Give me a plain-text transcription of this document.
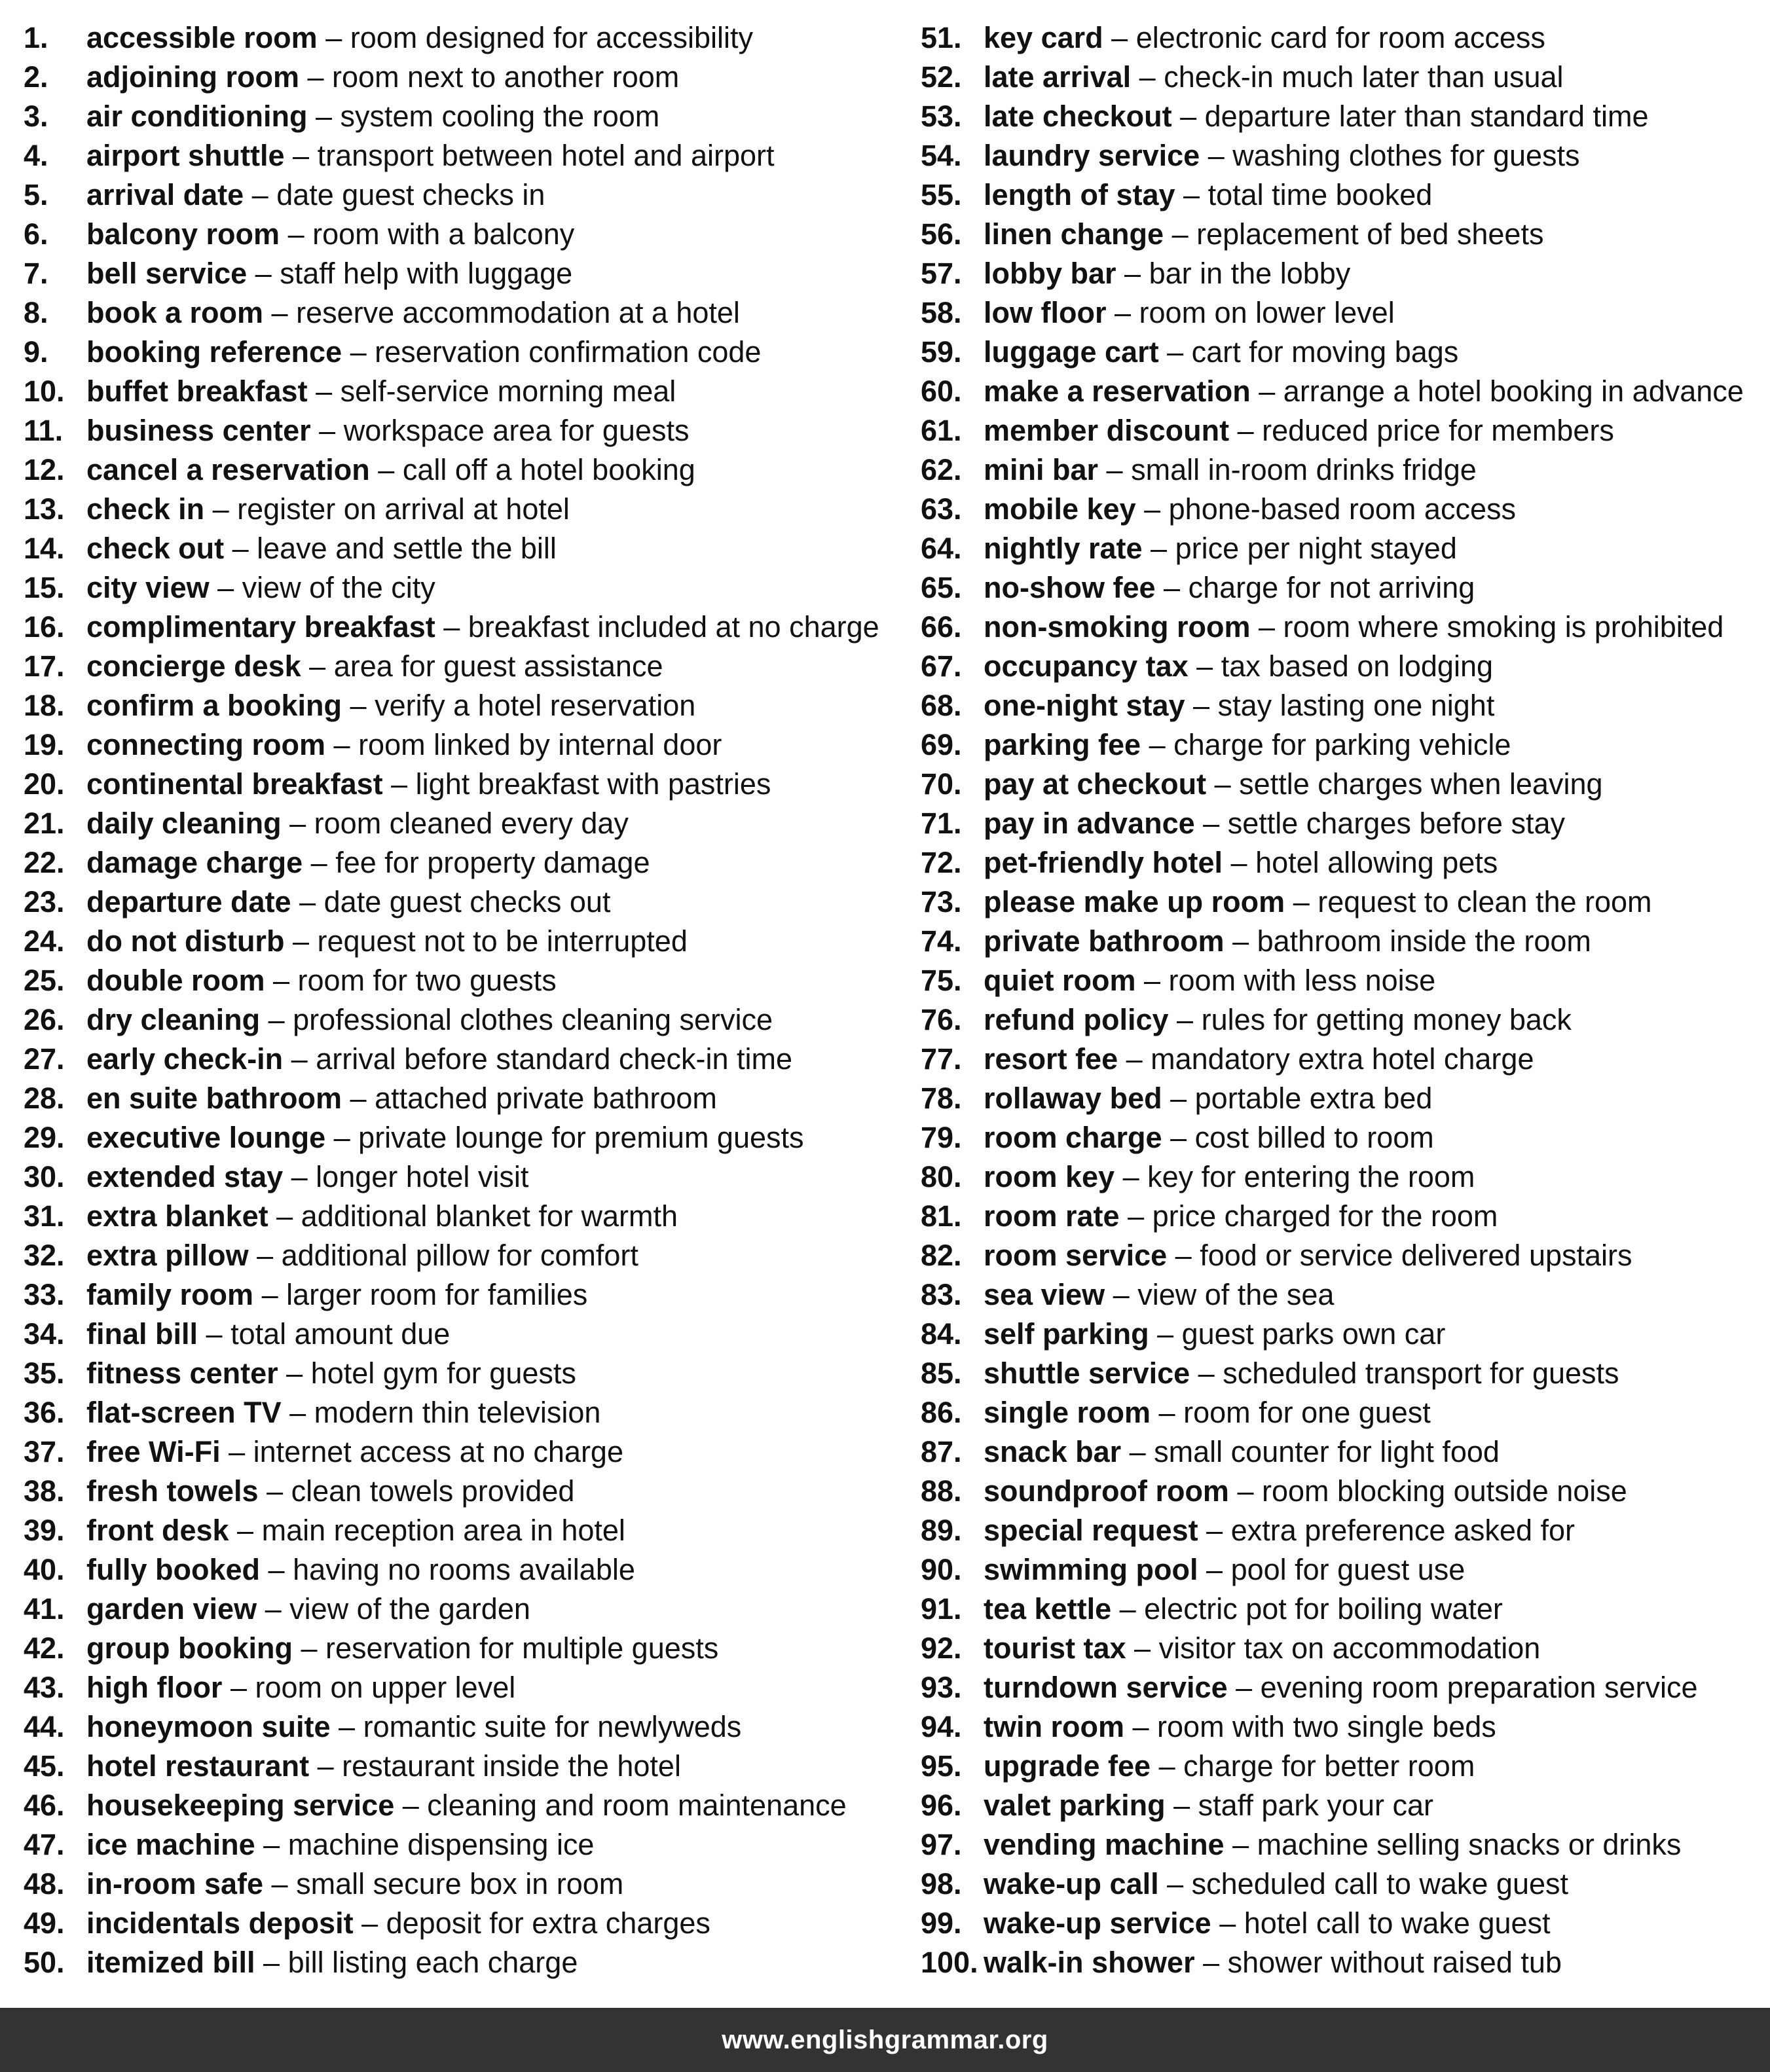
1. accessible room – room designed for accessibility
2. adjoining room – room next to another room
3. air conditioning – system cooling the room
4. airport shuttle – transport between hotel and airport
5. arrival date – date guest checks in
6. balcony room – room with a balcony
7. bell service – staff help with luggage
8. book a room – reserve accommodation at a hotel
9. booking reference – reservation confirmation code
10. buffet breakfast – self-service morning meal
11. business center – workspace area for guests
12. cancel a reservation – call off a hotel booking
13. check in – register on arrival at hotel
14. check out – leave and settle the bill
15. city view – view of the city
16. complimentary breakfast – breakfast included at no charge
17. concierge desk – area for guest assistance
18. confirm a booking – verify a hotel reservation
19. connecting room – room linked by internal door
20. continental breakfast – light breakfast with pastries
21. daily cleaning – room cleaned every day
22. damage charge – fee for property damage
23. departure date – date guest checks out
24. do not disturb – request not to be interrupted
25. double room – room for two guests
26. dry cleaning – professional clothes cleaning service
27. early check-in – arrival before standard check-in time
28. en suite bathroom – attached private bathroom
29. executive lounge – private lounge for premium guests
30. extended stay – longer hotel visit
31. extra blanket – additional blanket for warmth
32. extra pillow – additional pillow for comfort
33. family room – larger room for families
34. final bill – total amount due
35. fitness center – hotel gym for guests
36. flat-screen TV – modern thin television
37. free Wi-Fi – internet access at no charge
38. fresh towels – clean towels provided
39. front desk – main reception area in hotel
40. fully booked – having no rooms available
41. garden view – view of the garden
42. group booking – reservation for multiple guests
43. high floor – room on upper level
44. honeymoon suite – romantic suite for newlyweds
45. hotel restaurant – restaurant inside the hotel
46. housekeeping service – cleaning and room maintenance
47. ice machine – machine dispensing ice
48. in-room safe – small secure box in room
49. incidentals deposit – deposit for extra charges
50. itemized bill – bill listing each charge
51. key card – electronic card for room access
52. late arrival – check-in much later than usual
53. late checkout – departure later than standard time
54. laundry service – washing clothes for guests
55. length of stay – total time booked
56. linen change – replacement of bed sheets
57. lobby bar – bar in the lobby
58. low floor – room on lower level
59. luggage cart – cart for moving bags
60. make a reservation – arrange a hotel booking in advance
61. member discount – reduced price for members
62. mini bar – small in-room drinks fridge
63. mobile key – phone-based room access
64. nightly rate – price per night stayed
65. no-show fee – charge for not arriving
66. non-smoking room – room where smoking is prohibited
67. occupancy tax – tax based on lodging
68. one-night stay – stay lasting one night
69. parking fee – charge for parking vehicle
70. pay at checkout – settle charges when leaving
71. pay in advance – settle charges before stay
72. pet-friendly hotel – hotel allowing pets
73. please make up room – request to clean the room
74. private bathroom – bathroom inside the room
75. quiet room – room with less noise
76. refund policy – rules for getting money back
77. resort fee – mandatory extra hotel charge
78. rollaway bed – portable extra bed
79. room charge – cost billed to room
80. room key – key for entering the room
81. room rate – price charged for the room
82. room service – food or service delivered upstairs
83. sea view – view of the sea
84. self parking – guest parks own car
85. shuttle service – scheduled transport for guests
86. single room – room for one guest
87. snack bar – small counter for light food
88. soundproof room – room blocking outside noise
89. special request – extra preference asked for
90. swimming pool – pool for guest use
91. tea kettle – electric pot for boiling water
92. tourist tax – visitor tax on accommodation
93. turndown service – evening room preparation service
94. twin room – room with two single beds
95. upgrade fee – charge for better room
96. valet parking – staff park your car
97. vending machine – machine selling snacks or drinks
98. wake-up call – scheduled call to wake guest
99. wake-up service – hotel call to wake guest
100. walk-in shower – shower without raised tub
www.englishgrammar.org
